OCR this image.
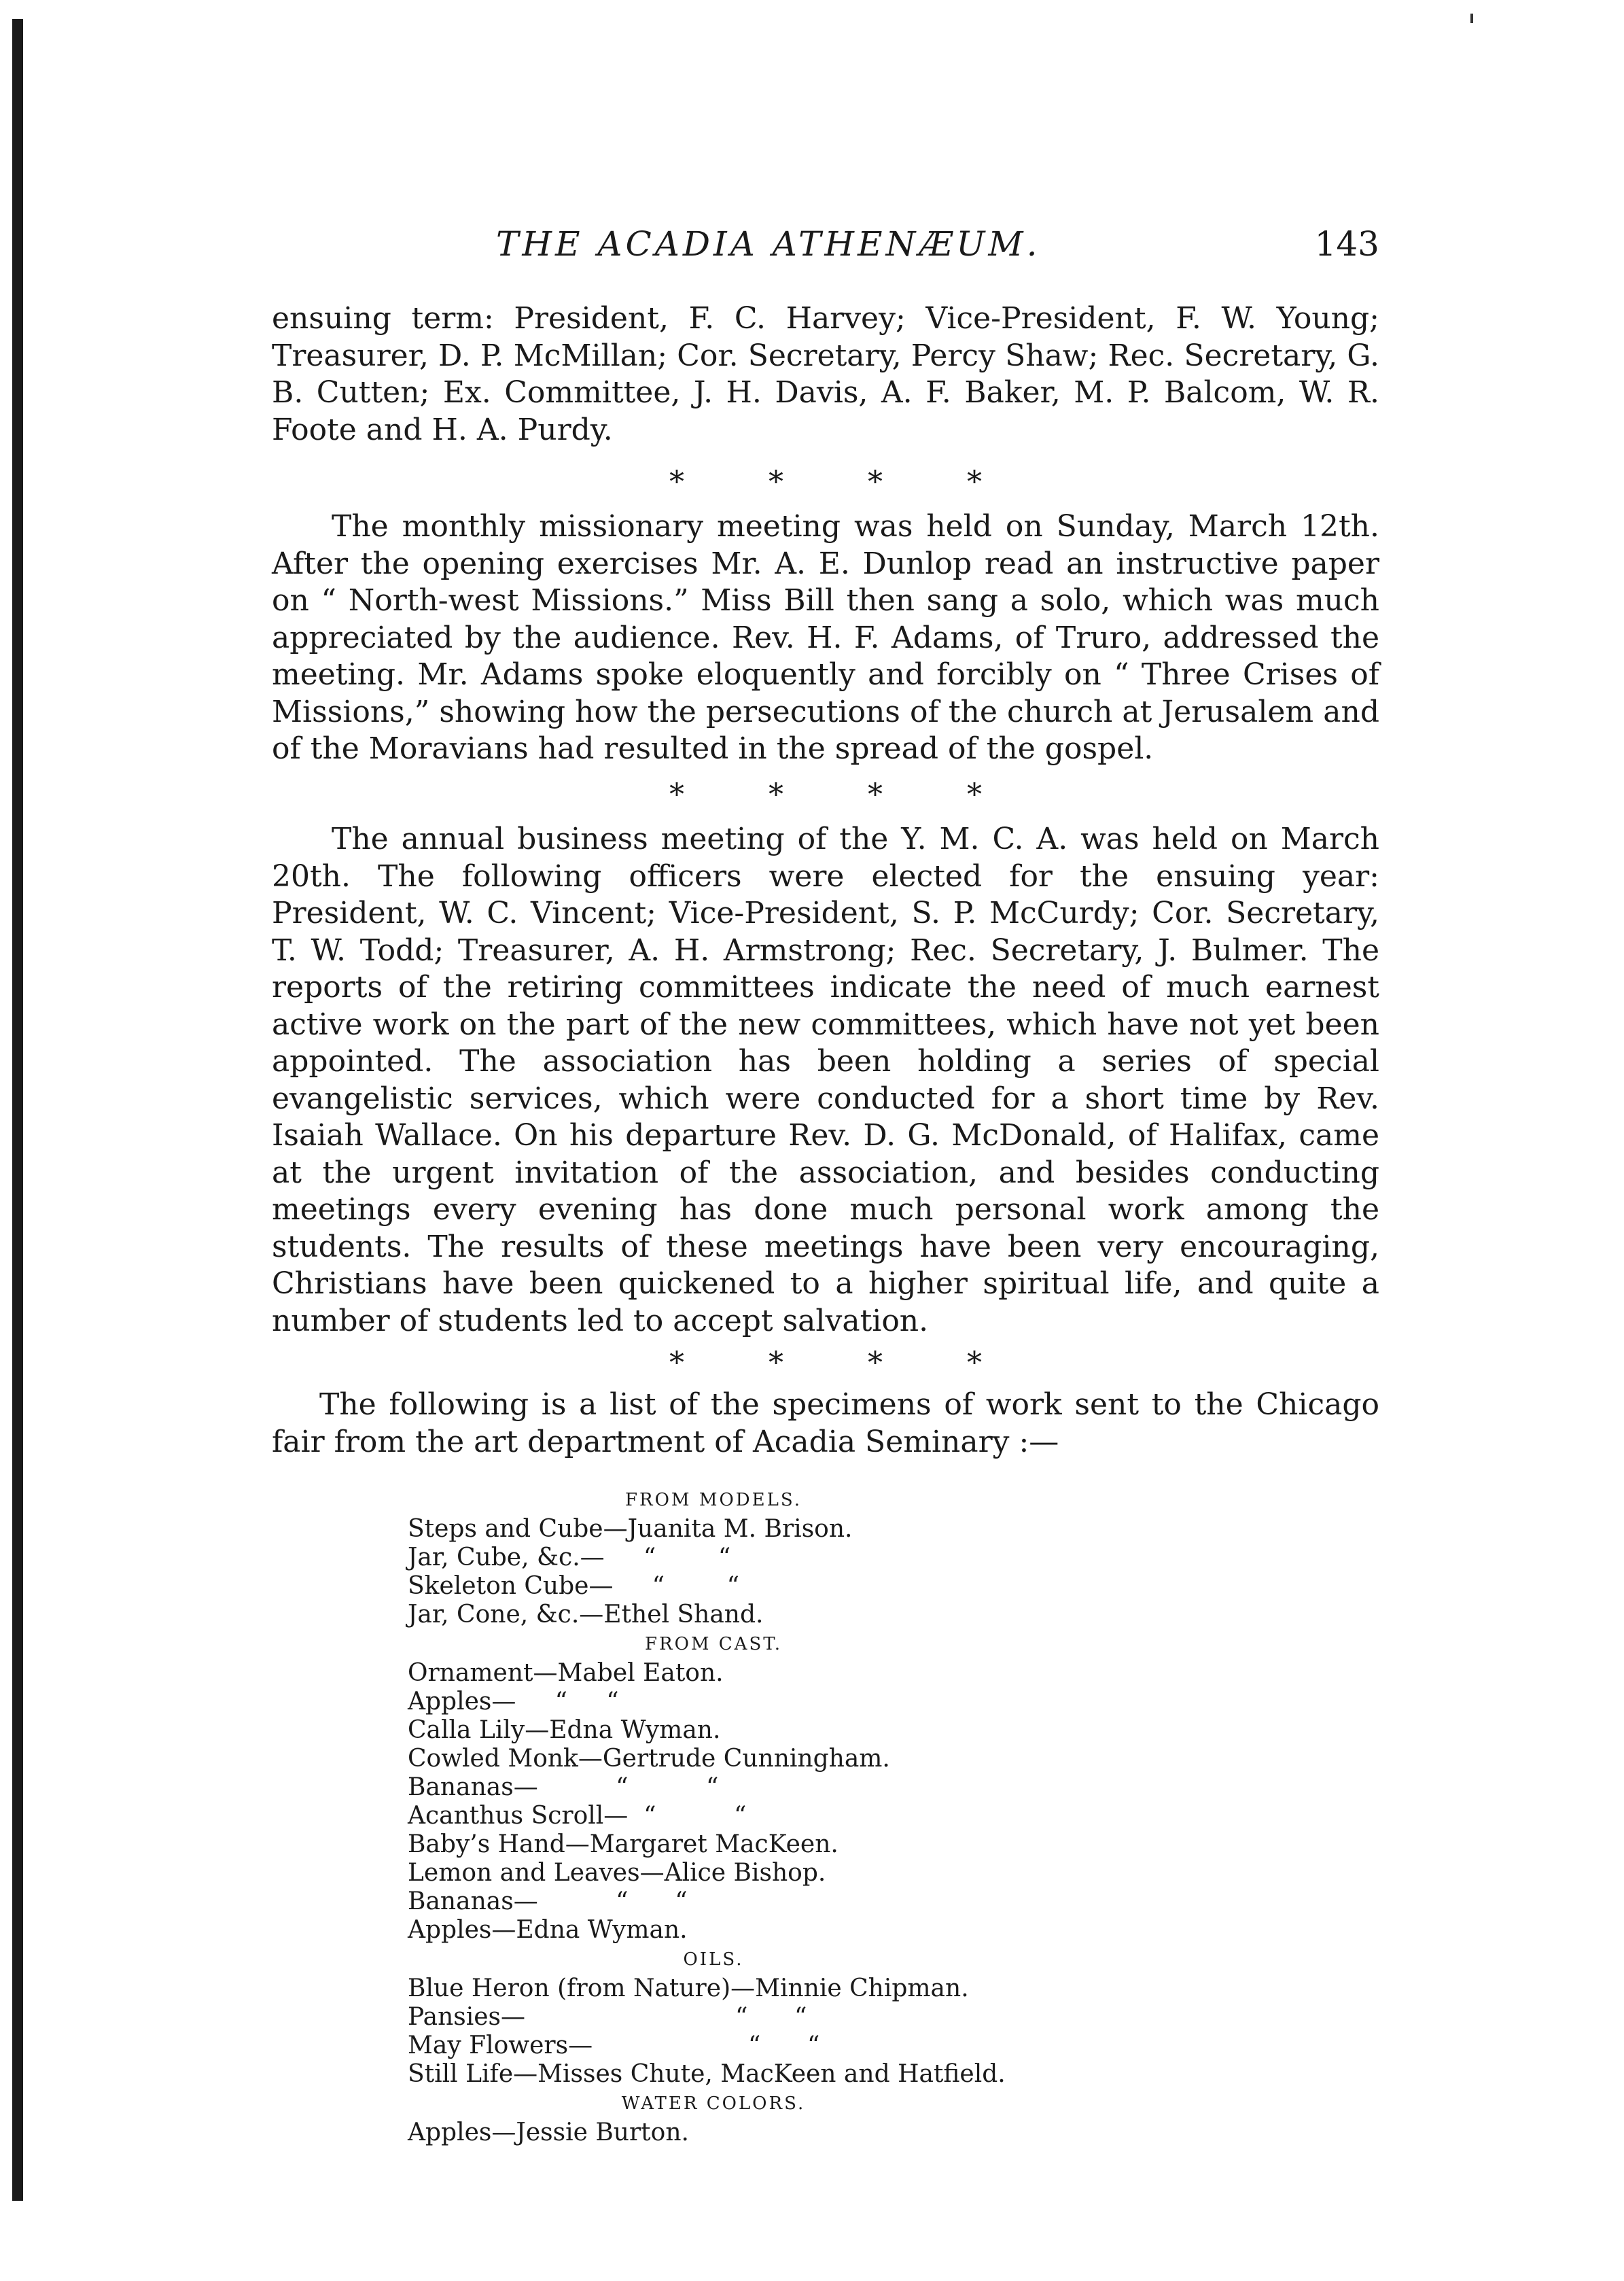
THE ACADIA ATHENÆUM.	143
ensuing term: President, F. C. Harvey; Vice-President, F. W. Young; Treasurer, D. P. McMillan; Cor. Secretary, Percy Shaw; Rec. Secretary, G. B. Cutten; Ex. Committee, J. H. Davis, A. F. Baker, M. P. Balcom, W. R. Foote and H. A. Purdy.
* * * *
The monthly missionary meeting was held on Sunday, March 12th. After the opening exercises Mr. A. E. Dunlop read an instructive paper on “ North-west Missions.” Miss Bill then sang a solo, which was much appreciated by the audience. Rev. H. F. Adams, of Truro, addressed the meeting. Mr. Adams spoke eloquently and forcibly on “ Three Crises of Missions,” showing how the persecutions of the church at Jerusalem and of the Moravians had resulted in the spread of the gospel.
* * * *
The annual business meeting of the Y. M. C. A. was held on March 20th. The following officers were elected for the ensuing year: President, W. C. Vincent; Vice-President, S. P. McCurdy; Cor. Secretary, T. W. Todd; Treasurer, A. H. Armstrong; Rec. Secretary, J. Bulmer. The reports of the retiring committees indicate the need of much earnest active work on the part of the new committees, which have not yet been appointed. The association has been holding a series of special evangelistic services, which were conducted for a short time by Rev. Isaiah Wallace. On his departure Rev. D. G. McDonald, of Halifax, came at the urgent invitation of the association, and besides conducting meetings every evening has done much personal work among the students. The results of these meetings have been very encouraging, Christians have been quickened to a higher spiritual life, and quite a number of students led to accept salvation.
* * * *
The following is a list of the specimens of work sent to the Chicago fair from the art department of Acadia Seminary :—
FROM MODELS.
Steps and Cube—Juanita M. Brison.
Jar, Cube, &c.—     “        “
Skeleton Cube—     “        “
Jar, Cone, &c.—Ethel Shand.
FROM CAST.
Ornament—Mabel Eaton.
Apples—     “     “
Calla Lily—Edna Wyman.
Cowled Monk—Gertrude Cunningham.
Bananas—          “          “
Acanthus Scroll—  “          “
Baby’s Hand—Margaret MacKeen.
Lemon and Leaves—Alice Bishop.
Bananas—          “      “
Apples—Edna Wyman.
OILS.
Blue Heron (from Nature)—Minnie Chipman.
Pansies—                           “      “
May Flowers—                    “      “
Still Life—Misses Chute, MacKeen and Hatfield.
WATER COLORS.
Apples—Jessie Burton.
